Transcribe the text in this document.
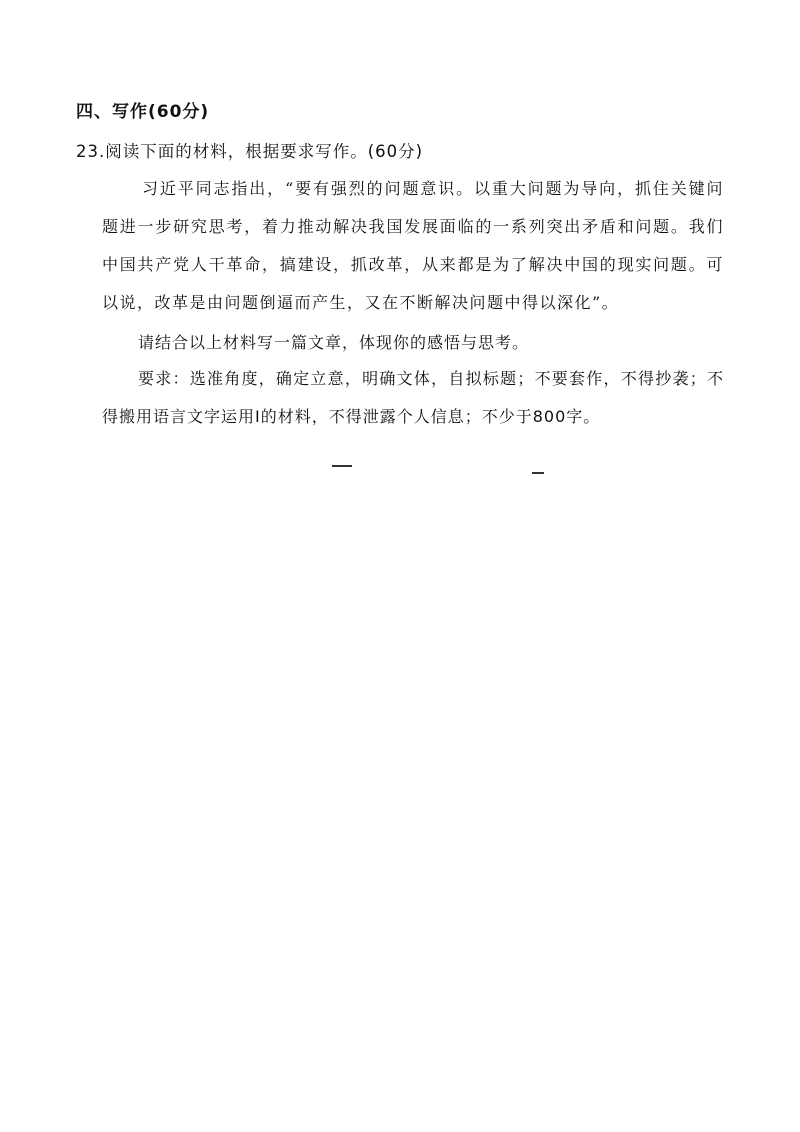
四、写作(60分)
23.阅读下面的材料，根据要求写作。(60分)
习近平同志指出，“要有强烈的问题意识。以重大问题为导向，抓住关键问题进一步研究思考，着力推动解决我国发展面临的一系列突出矛盾和问题。我们中国共产党人干革命，搞建设，抓改革，从来都是为了解决中国的现实问题。可以说，改革是由问题倒逼而产生，又在不断解决问题中得以深化”。
请结合以上材料写一篇文章，体现你的感悟与思考。
要求：选准角度，确定立意，明确文体，自拟标题；不要套作，不得抄袭；不得搬用语言文字运用Ⅰ的材料，不得泄露个人信息；不少于800字。
